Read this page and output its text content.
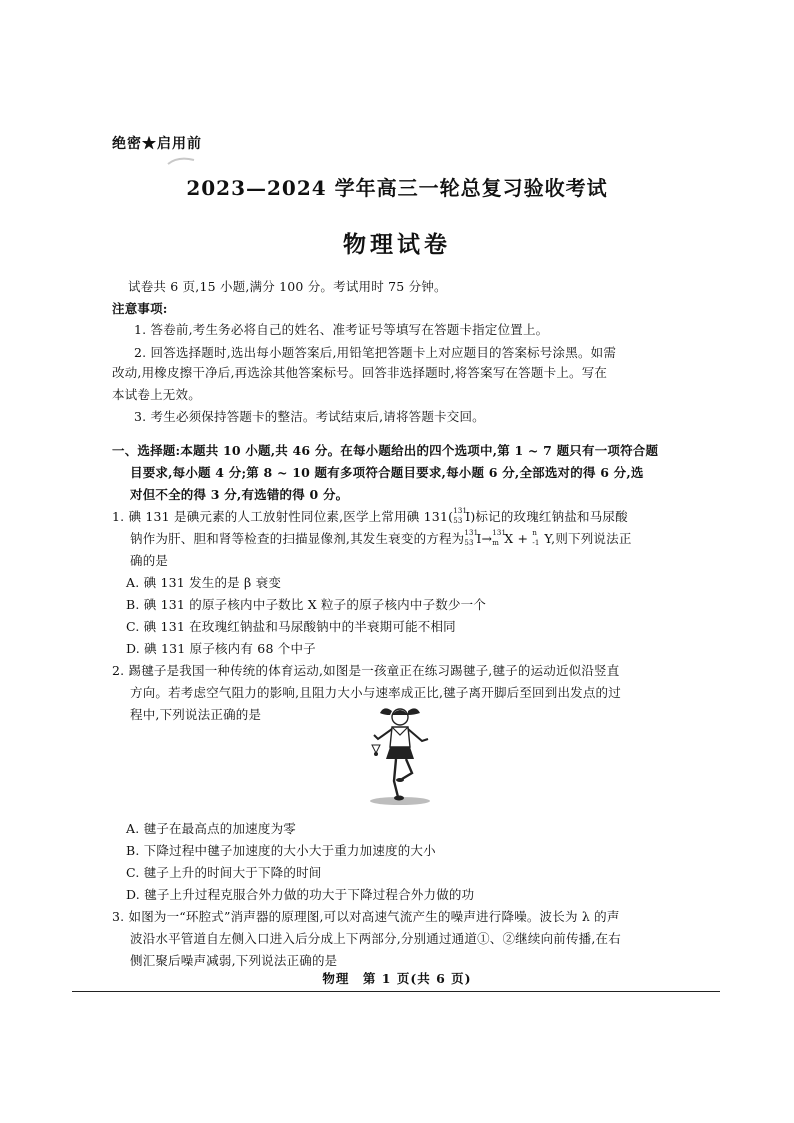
绝密★启用前
2023—2024 学年高三一轮总复习验收考试
物理试卷
试卷共 6 页,15 小题,满分 100 分。考试用时 75 分钟。
注意事项:
1. 答卷前,考生务必将自己的姓名、准考证号等填写在答题卡指定位置上。
2. 回答选择题时,选出每小题答案后,用铅笔把答题卡上对应题目的答案标号涂黑。如需
改动,用橡皮擦干净后,再选涂其他答案标号。回答非选择题时,将答案写在答题卡上。写在
本试卷上无效。
3. 考生必须保持答题卡的整洁。考试结束后,请将答题卡交回。
一、选择题:本题共 10 小题,共 46 分。在每小题给出的四个选项中,第 1 ~ 7 题只有一项符合题
目要求,每小题 4 分;第 8 ~ 10 题有多项符合题目要求,每小题 6 分,全部选对的得 6 分,选
对但不全的得 3 分,有选错的得 0 分。
1. 碘 131 是碘元素的人工放射性同位素,医学上常用碘 131( 131
53 I)标记的玫瑰红钠盐和马尿酸
钠作为肝、胆和肾等检查的扫描显像剂,其发生衰变的方程为 131
53 I→ 131
m X + n
-1 Y,则下列说法正
确的是
A. 碘 131 发生的是 β 衰变
B. 碘 131 的原子核内中子数比 X 粒子的原子核内中子数少一个
C. 碘 131 在玫瑰红钠盐和马尿酸钠中的半衰期可能不相同
D. 碘 131 原子核内有 68 个中子
2. 踢毽子是我国一种传统的体育运动,如图是一孩童正在练习踢毽子,毽子的运动近似沿竖直
方向。若考虑空气阻力的影响,且阻力大小与速率成正比,毽子离开脚后至回到出发点的过
程中,下列说法正确的是
A. 毽子在最高点的加速度为零
B. 下降过程中毽子加速度的大小大于重力加速度的大小
C. 毽子上升的时间大于下降的时间
D. 毽子上升过程克服合外力做的功大于下降过程合外力做的功
3. 如图为一“环腔式”消声器的原理图,可以对高速气流产生的噪声进行降噪。波长为 λ 的声
波沿水平管道自左侧入口进入后分成上下两部分,分别通过通道①、②继续向前传播,在右
侧汇聚后噪声减弱,下列说法正确的是
物理　第 1 页(共 6 页)
